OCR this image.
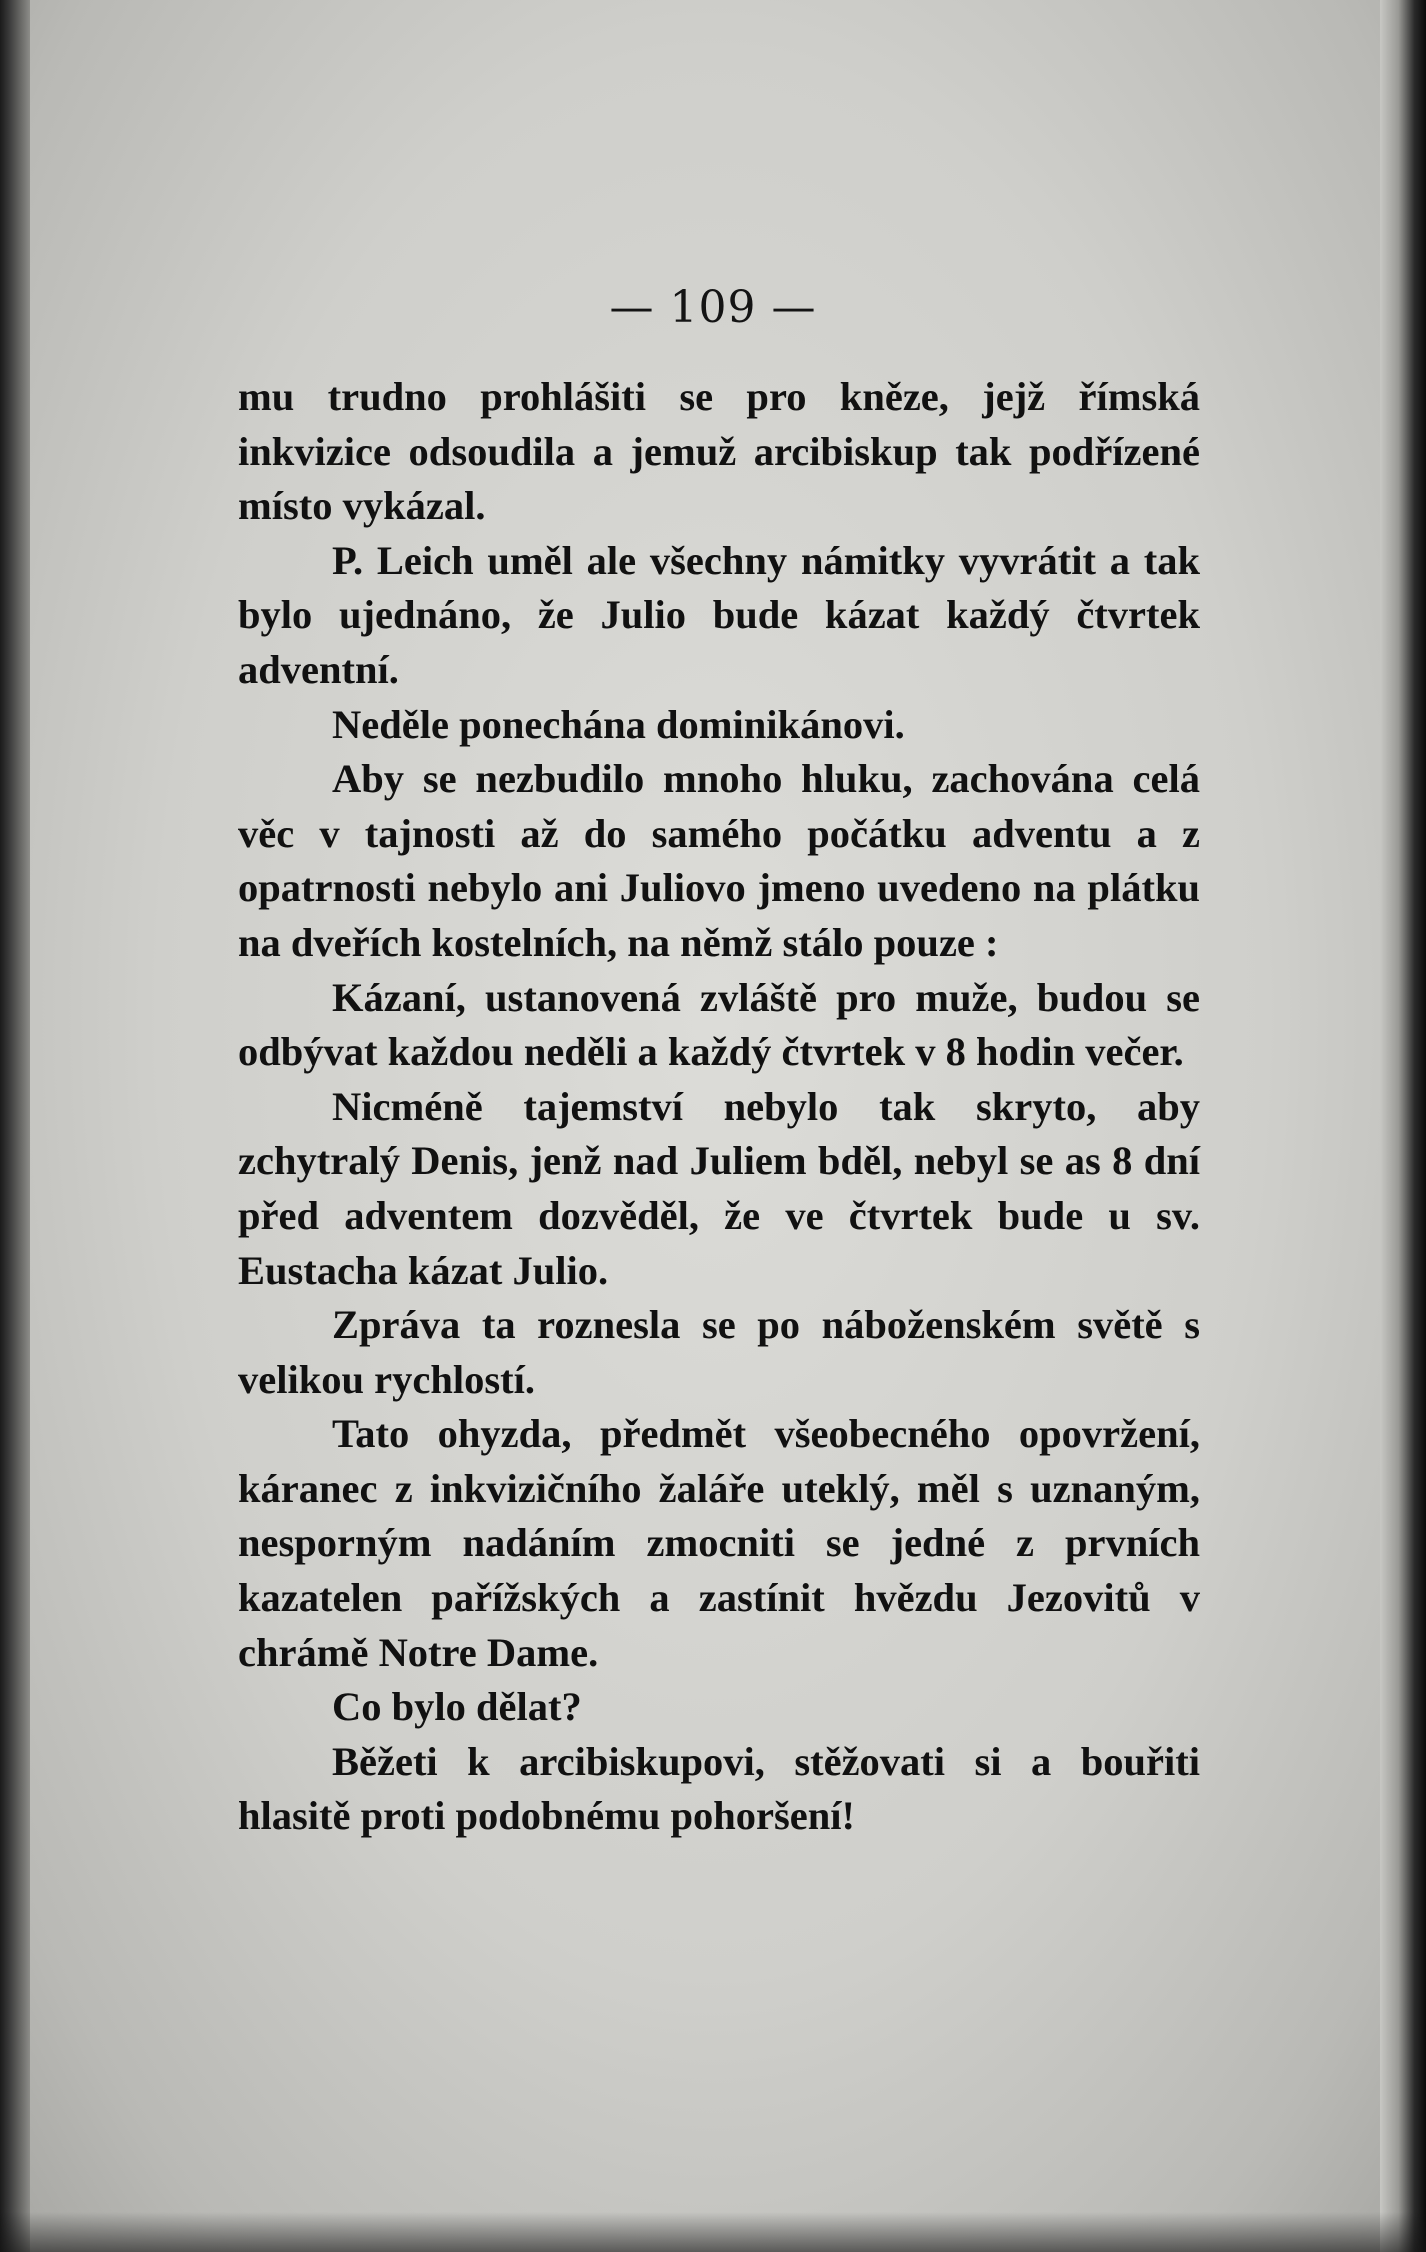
— 109 —

mu trudno prohlášiti se pro kněze, jejž římská inkvizice odsoudila a jemuž arcibiskup tak podřízené místo vykázal.

P. Leich uměl ale všechny námitky vyvrátit a tak bylo ujednáno, že Julio bude kázat každý čtvrtek adventní.

Neděle ponechána dominikánovi.

Aby se nezbudilo mnoho hluku, zachována celá věc v tajnosti až do samého počátku adventu a z opatrnosti nebylo ani Juliovo jmeno uvedeno na plátku na dveřích kostelních, na němž stálo pouze :

Kázaní, ustanovená zvláště pro muže, budou se odbývat každou neděli a každý čtvrtek v 8 hodin večer.

Nicméně tajemství nebylo tak skryto, aby zchytralý Denis, jenž nad Juliem bděl, nebyl se as 8 dní před adventem dozvěděl, že ve čtvrtek bude u sv. Eustacha kázat Julio.

Zpráva ta roznesla se po náboženském světě s velikou rychlostí.

Tato ohyzda, předmět všeobecného opovržení, káranec z inkvizičního žaláře uteklý, měl s uznaným, nesporným nadáním zmocniti se jedné z prvních kazatelen pařížských a zastínit hvězdu Jezovitů v chrámě Notre Dame.

Co bylo dělat?

Běžeti k arcibiskupovi, stěžovati si a bouřiti hlasitě proti podobnému pohoršení!
